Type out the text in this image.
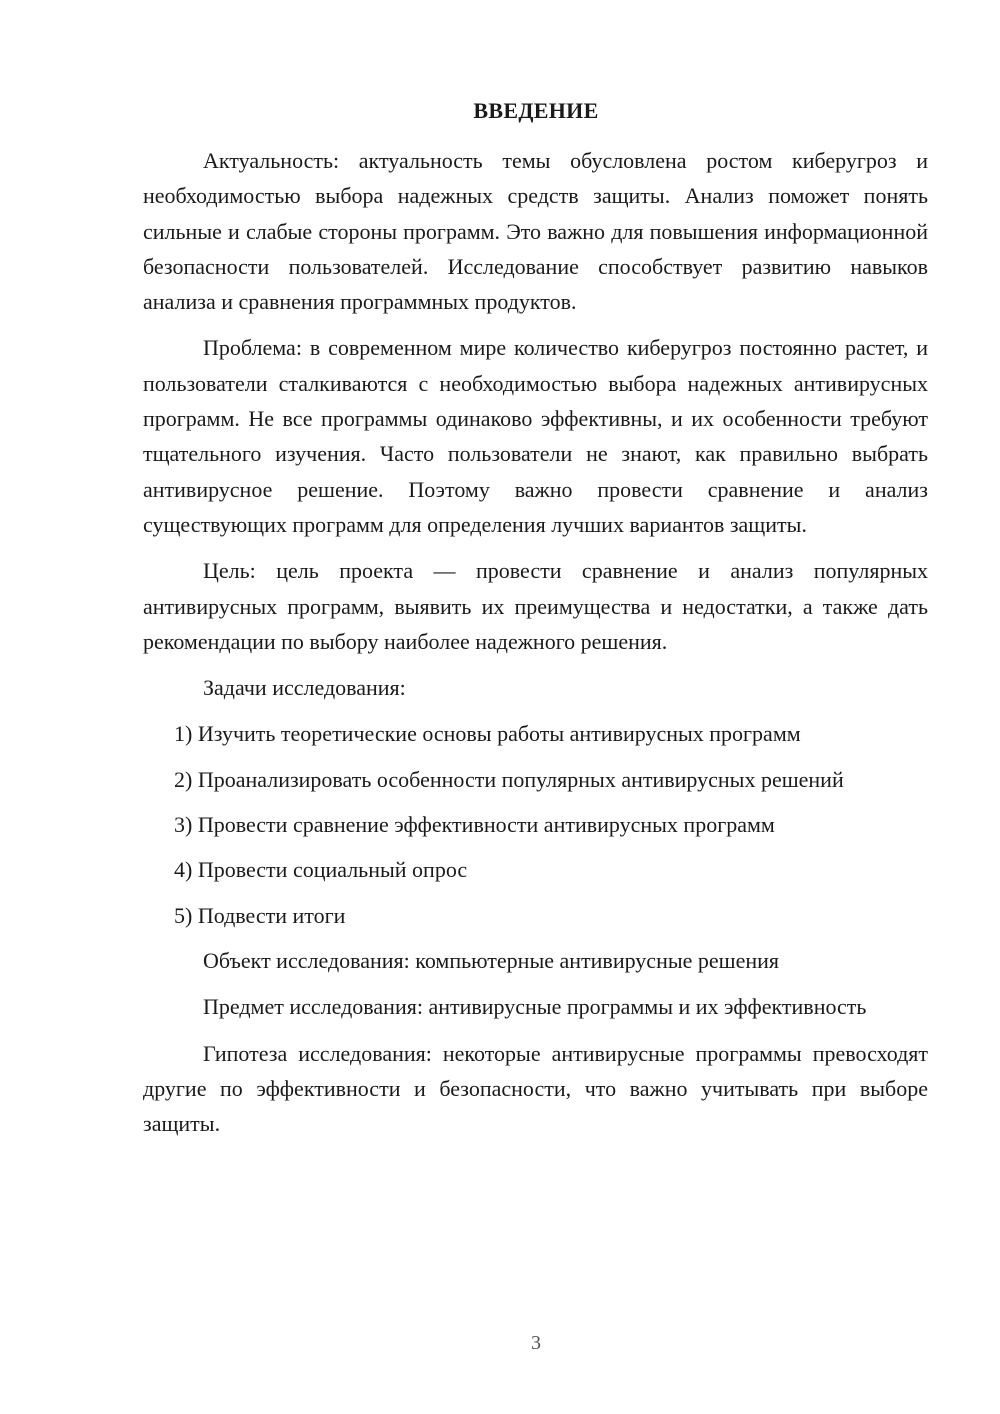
ВВЕДЕНИЕ

Актуальность: актуальность темы обусловлена ростом киберугроз и необходимостью выбора надежных средств защиты. Анализ поможет понять сильные и слабые стороны программ. Это важно для повышения информационной безопасности пользователей. Исследование способствует развитию навыков анализа и сравнения программных продуктов.

Проблема: в современном мире количество киберугроз постоянно растет, и пользователи сталкиваются с необходимостью выбора надежных антивирусных программ. Не все программы одинаково эффективны, и их особенности требуют тщательного изучения. Часто пользователи не знают, как правильно выбрать антивирусное решение. Поэтому важно провести сравнение и анализ существующих программ для определения лучших вариантов защиты.

Цель: цель проекта — провести сравнение и анализ популярных антивирусных программ, выявить их преимущества и недостатки, а также дать рекомендации по выбору наиболее надежного решения.

Задачи исследования:

1) Изучить теоретические основы работы антивирусных программ

2) Проанализировать особенности популярных антивирусных решений

3) Провести сравнение эффективности антивирусных программ

4) Провести социальный опрос

5) Подвести итоги

Объект исследования: компьютерные антивирусные решения

Предмет исследования: антивирусные программы и их эффективность

Гипотеза исследования: некоторые антивирусные программы превосходят другие по эффективности и безопасности, что важно учитывать при выборе защиты.

3
